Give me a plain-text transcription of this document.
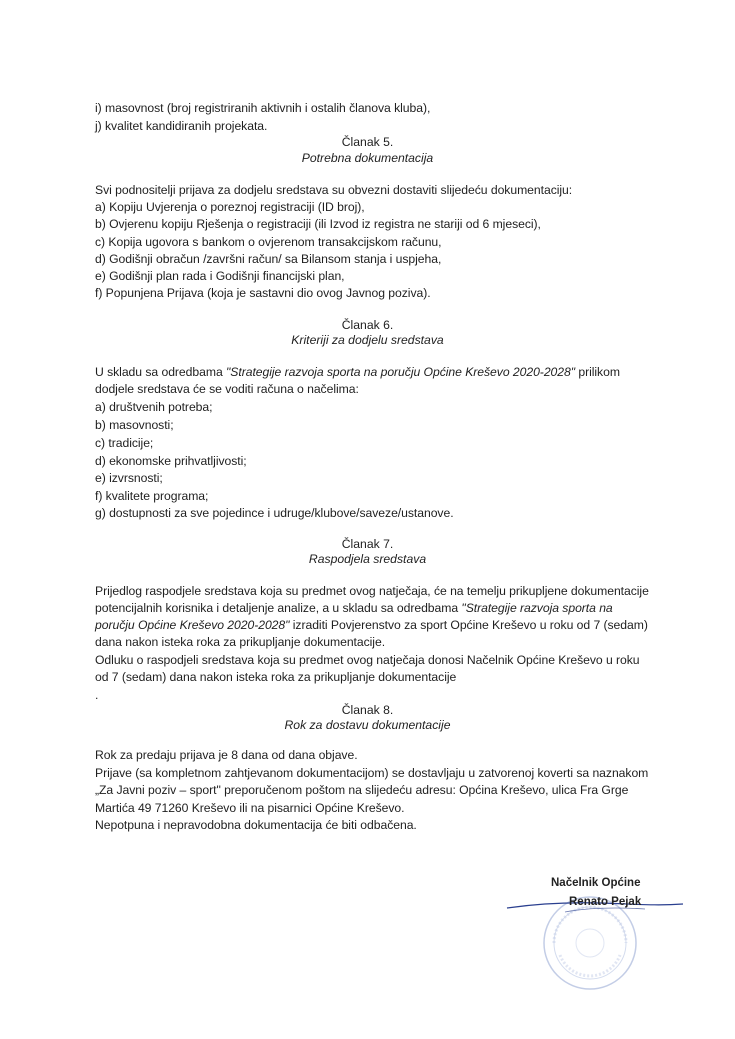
i) masovnost (broj registriranih aktivnih i ostalih članova kluba),
j) kvalitet kandidiranih projekata.
Članak 5.
Potrebna dokumentacija
Svi podnositelji prijava za dodjelu sredstava su obvezni dostaviti slijedeću dokumentaciju:
a) Kopiju Uvjerenja o poreznoj registraciji (ID broj),
b) Ovjerenu kopiju Rješenja o registraciji (ili Izvod iz registra ne stariji od 6 mjeseci),
c) Kopija ugovora s bankom o ovjerenom transakcijskom računu,
d) Godišnji obračun /završni račun/ sa Bilansom stanja i uspjeha,
e) Godišnji plan rada i Godišnji financijski plan,
f) Popunjena Prijava (koja je sastavni dio ovog Javnog poziva).
Članak 6.
Kriteriji za dodjelu sredstava
U skladu sa odredbama "Strategije razvoja sporta na poručju Općine Kreševo 2020-2028" prilikom
dodjele sredstava će se voditi računa o načelima:
a) društvenih potreba;
b) masovnosti;
c) tradicije;
d) ekonomske prihvatljivosti;
e) izvrsnosti;
f) kvalitete programa;
g) dostupnosti za sve pojedince i udruge/klubove/saveze/ustanove.
Članak 7.
Raspodjela sredstava
Prijedlog raspodjele sredstava koja su predmet ovog natječaja, će na temelju prikupljene dokumentacije
potencijalnih korisnika i detaljenje analize, a u skladu sa odredbama "Strategije razvoja sporta na
poručju Općine Kreševo 2020-2028" izraditi Povjerenstvo za sport Općine Kreševo u roku od 7 (sedam)
dana nakon isteka roka za prikupljanje dokumentacije.
Odluku o raspodjeli sredstava koja su predmet ovog natječaja donosi Načelnik Općine Kreševo u roku
od 7 (sedam) dana nakon isteka roka za prikupljanje dokumentacije
.
Članak 8.
Rok za dostavu dokumentacije
Rok za predaju prijava je 8 dana od dana objave.
Prijave (sa kompletnom zahtjevanom dokumentacijom) se dostavljaju u zatvorenoj koverti sa naznakom
„Za Javni poziv – sport" preporučenom poštom na slijedeću adresu: Općina Kreševo, ulica Fra Grge
Martića 49 71260 Kreševo ili na pisarnici Općine Kreševo.
Nepotpuna i nepravodobna dokumentacija će biti odbačena.
Načelnik Općine
Renato Pejak
